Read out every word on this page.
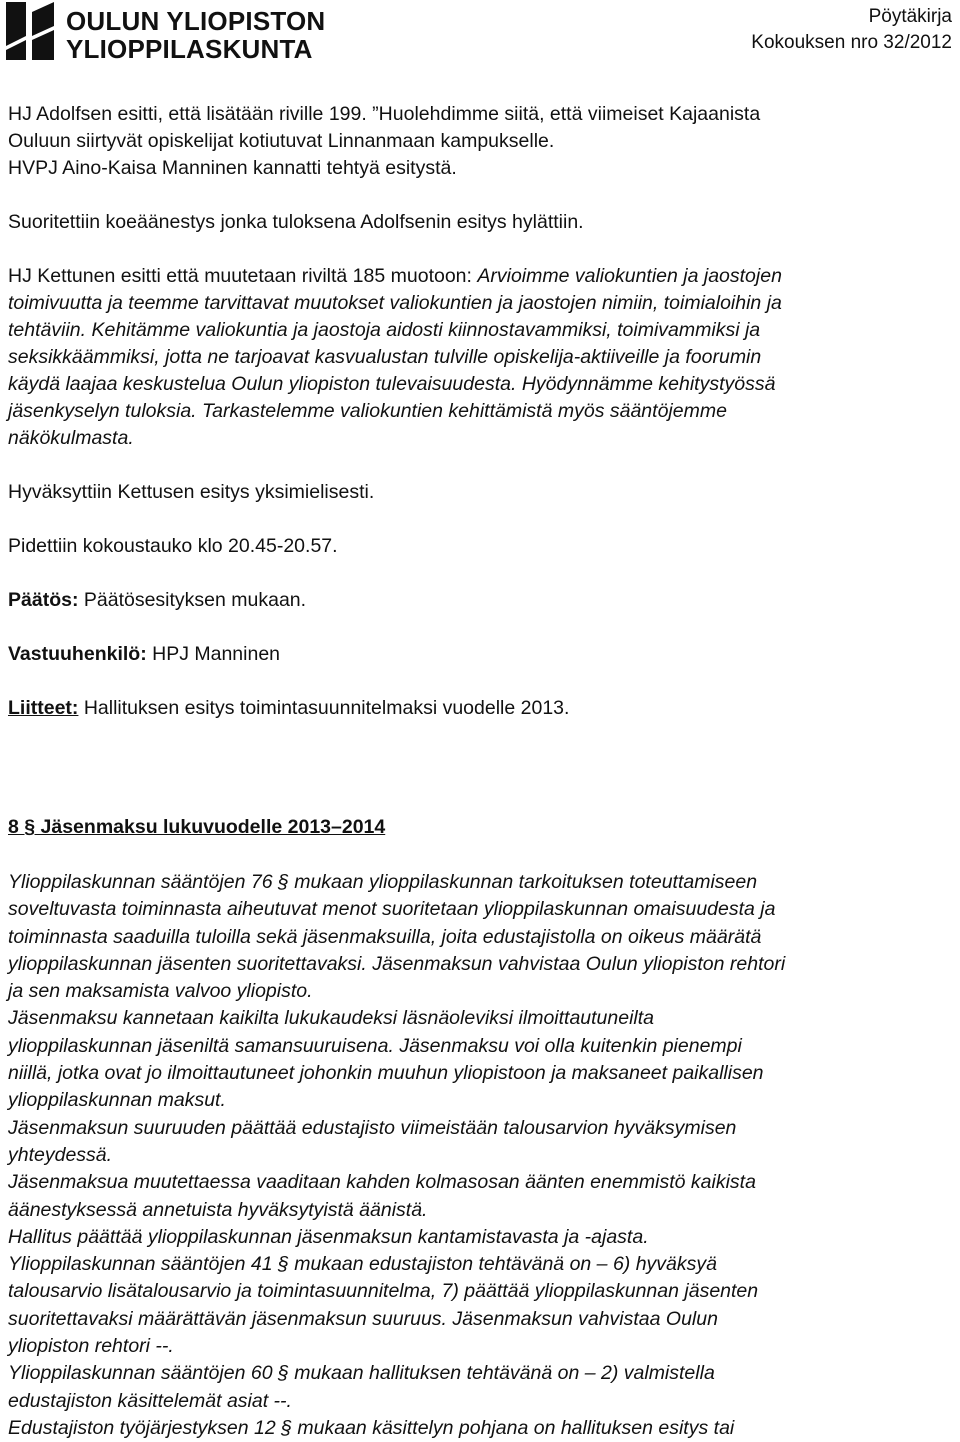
OULUN YLIOPISTON
YLIOPPILASKUNTA
Pöytäkirja
Kokouksen nro 32/2012

HJ Adolfsen esitti, että lisätään riville 199. ”Huolehdimme siitä, että viimeiset Kajaanista
Ouluun siirtyvät opiskelijat kotiutuvat Linnanmaan kampukselle.
HVPJ Aino-Kaisa Manninen kannatti tehtyä esitystä.

Suoritettiin koeäänestys jonka tuloksena Adolfsenin esitys hylättiin.

HJ Kettunen esitti että muutetaan riviltä 185 muotoon: Arvioimme valiokuntien ja jaostojen
toimivuutta ja teemme tarvittavat muutokset valiokuntien ja jaostojen nimiin, toimialoihin ja
tehtäviin. Kehitämme valiokuntia ja jaostoja aidosti kiinnostavammiksi, toimivammiksi ja
seksikkäämmiksi, jotta ne tarjoavat kasvualustan tulville opiskelija-aktiiveille ja foorumin
käydä laajaa keskustelua Oulun yliopiston tulevaisuudesta. Hyödynnämme kehitystyössä
jäsenkyselyn tuloksia. Tarkastelemme valiokuntien kehittämistä myös sääntöjemme
näkökulmasta.

Hyväksyttiin Kettusen esitys yksimielisesti.

Pidettiin kokoustauko klo 20.45-20.57.

Päätös: Päätösesityksen mukaan.

Vastuuhenkilö: HPJ Manninen

Liitteet: Hallituksen esitys toimintasuunnitelmaksi vuodelle 2013.

8 § Jäsenmaksu lukuvuodelle 2013–2014

Ylioppilaskunnan sääntöjen 76 § mukaan ylioppilaskunnan tarkoituksen toteuttamiseen
soveltuvasta toiminnasta aiheutuvat menot suoritetaan ylioppilaskunnan omaisuudesta ja
toiminnasta saaduilla tuloilla sekä jäsenmaksuilla, joita edustajistolla on oikeus määrätä
ylioppilaskunnan jäsenten suoritettavaksi. Jäsenmaksun vahvistaa Oulun yliopiston rehtori
ja sen maksamista valvoo yliopisto.
Jäsenmaksu kannetaan kaikilta lukukaudeksi läsnäoleviksi ilmoittautuneilta
ylioppilaskunnan jäseniltä samansuuruisena. Jäsenmaksu voi olla kuitenkin pienempi
niillä, jotka ovat jo ilmoittautuneet johonkin muuhun yliopistoon ja maksaneet paikallisen
ylioppilaskunnan maksut.
Jäsenmaksun suuruuden päättää edustajisto viimeistään talousarvion hyväksymisen
yhteydessä.
Jäsenmaksua muutettaessa vaaditaan kahden kolmasosan äänten enemmistö kaikista
äänestyksessä annetuista hyväksytyistä äänistä.
Hallitus päättää ylioppilaskunnan jäsenmaksun kantamistavasta ja -ajasta.
Ylioppilaskunnan sääntöjen 41 § mukaan edustajiston tehtävänä on – 6) hyväksyä
talousarvio lisätalousarvio ja toimintasuunnitelma, 7) päättää ylioppilaskunnan jäsenten
suoritettavaksi määrättävän jäsenmaksun suuruus. Jäsenmaksun vahvistaa Oulun
yliopiston rehtori --.
Ylioppilaskunnan sääntöjen 60 § mukaan hallituksen tehtävänä on – 2) valmistella
edustajiston käsittelemät asiat --.
Edustajiston työjärjestyksen 12 § mukaan käsittelyn pohjana on hallituksen esitys tai
